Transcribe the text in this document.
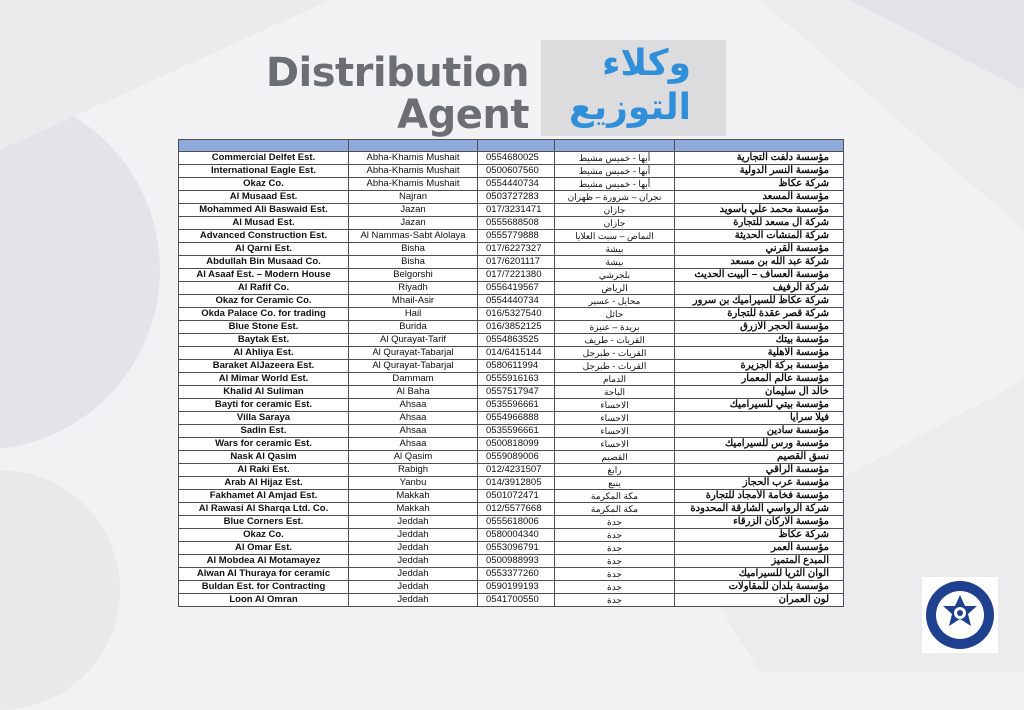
Distribution
Agent
وكلاء
التوزيع

Commercial Delfet Est.	Abha-Khamis Mushait	0554680025	أبها - خميس مشيط	مؤسسة دلفت التجارية
International Eagle Est.	Abha-Khamis Mushait	0500607560	أبها - خميس مشيط	مؤسسة النسر الدولية
Okaz Co.	Abha-Khamis Mushait	0554440734	أبها - خميس مشيط	شركة عكاظ
Al Musaad Est.	Najran	0503727283	نجران – شرورة – ظهران	مؤسسة المسعد
Mohammed Ali Baswaid Est.	Jazan	017/3231471	جازان	مؤسسة محمد علي باسويد
Al Musad Est.	Jazan	0555688508	جازان	شركة ال مسعد للتجارة
Advanced Construction Est.	Al Nammas-Sabt Alolaya	0555779888	النماص – سبت العلايا	شركة المنشآت الحديثة
Al Qarni Est.	Bisha	017/6227327	بيشة	مؤسسة القرني
Abdullah Bin Musaad Co.	Bisha	017/6201117	بيشة	شركة عبد الله بن مسعد
Al Asaaf Est. – Modern House	Belgorshi	017/7221380	بلجرشي	مؤسسة العساف – البيت الحديث
Al Rafif Co.	Riyadh	0556419567	الرياض	شركة الرفيف
Okaz for Ceramic Co.	Mhail-Asir	0554440734	محايل - عسير	شركة عكاظ للسيراميك بن سرور
Okda Palace Co. for trading	Hail	016/5327540	حائل	شركة قصر عقدة للتجارة
Blue Stone Est.	Burida	016/3852125	بريدة – عنيزة	مؤسسة الحجر الازرق
Baytak Est.	Al Qurayat-Tarif	0554863525	القريات - طريف	مؤسسة بيتك
Al Ahliya Est.	Al Qurayat-Tabarjal	014/6415144	القريات - طبرجل	مؤسسة الاهلية
Baraket AlJazeera Est.	Al Qurayat-Tabarjal	0580611994	القريات - طبرجل	مؤسسة بركة الجزيرة
Al Mimar World Est.	Dammam	0555916163	الدمام	مؤسسة عالم المعمار
Khalid Al Suliman	Al Baha	0557517947	الباحة	خالد ال سليمان
Bayti for ceramic Est.	Ahsaa	0535596661	الاحساء	مؤسسة بيتي للسيراميك
Villa Saraya	Ahsaa	0554966888	الاحساء	فيلا سرايا
Sadin Est.	Ahsaa	0535596661	الاحساء	مؤسسة سادين
Wars for ceramic Est.	Ahsaa	0500818099	الاحساء	مؤسسة ورس للسيراميك
Nask Al Qasim	Al Qasim	0559089006	القصيم	نسق القصيم
Al Raki Est.	Rabigh	012/4231507	رابغ	مؤسسة الراقي
Arab Al Hijaz Est.	Yanbu	014/3912805	ينبع	مؤسسة عرب الحجاز
Fakhamet Al Amjad Est.	Makkah	0501072471	مكة المكرمة	مؤسسة فخامة الأمجاد للتجارة
Al Rawasi Al Sharqa Ltd. Co.	Makkah	012/5577668	مكة المكرمة	شركة الرواسي الشارقة المحدودة
Blue Corners Est.	Jeddah	0555618006	جدة	مؤسسة الاركان الزرقاء
Okaz Co.	Jeddah	0580004340	جدة	شركة عكاظ
Al Omar Est.	Jeddah	0553096791	جدة	مؤسسة العمر
Al Mobdea Al Motamayez	Jeddah	0500988993	جدة	المبدع المتميز
Alwan Al Thuraya for ceramic	Jeddah	0553377260	جدة	الوان الثريا للسيراميك
Buldan Est. for Contracting	Jeddah	0590199193	جدة	مؤسسة بلدان للمقاولات
Loon Al Omran	Jeddah	0541700550	جدة	لون العمران
